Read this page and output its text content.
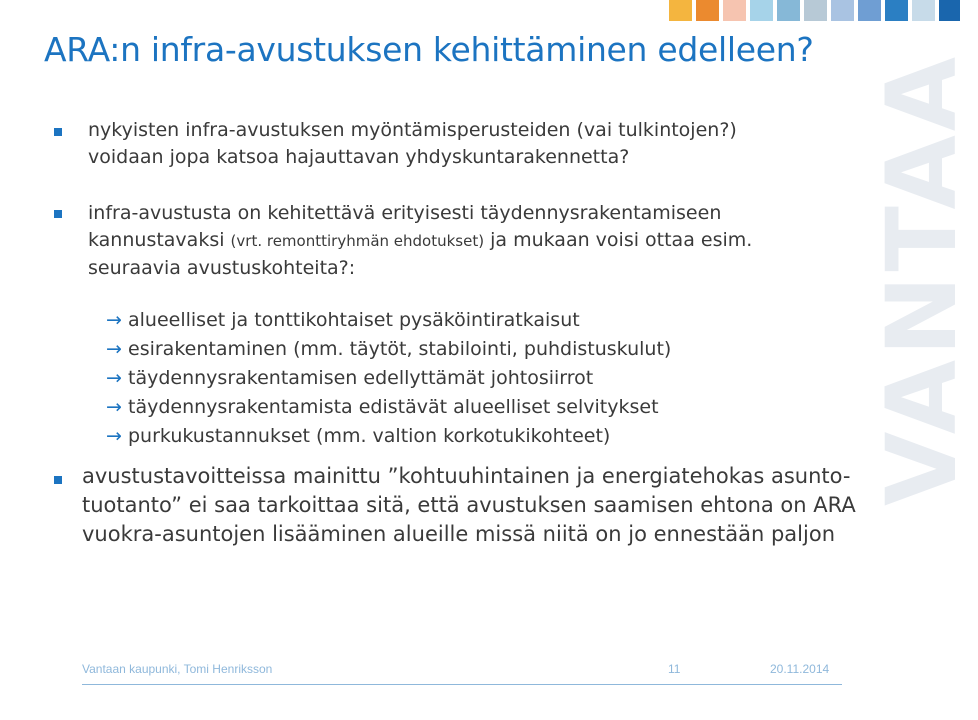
VANTAA
ARA:n infra-avustuksen kehittäminen edelleen?
nykyisten infra-avustuksen myöntämisperusteiden (vai tulkintojen?)
voidaan jopa katsoa hajauttavan yhdyskuntarakennetta?
infra-avustusta on kehitettävä erityisesti täydennysrakentamiseen
kannustavaksi (vrt. remonttiryhmän ehdotukset) ja mukaan voisi ottaa esim.
seuraavia avustuskohteita?:
→ alueelliset ja tonttikohtaiset pysäköintiratkaisut
→ esirakentaminen (mm. täytöt, stabilointi, puhdistuskulut)
→ täydennysrakentamisen edellyttämät johtosiirrot
→ täydennysrakentamista edistävät alueelliset selvitykset
→ purkukustannukset (mm. valtion korkotukikohteet)
avustustavoitteissa mainittu ”kohtuuhintainen ja energiatehokas asunto-
tuotanto” ei saa tarkoittaa sitä, että avustuksen saamisen ehtona on ARA
vuokra-asuntojen lisääminen alueille missä niitä on jo ennestään paljon
Vantaan kaupunki, Tomi Henriksson	11	20.11.2014
